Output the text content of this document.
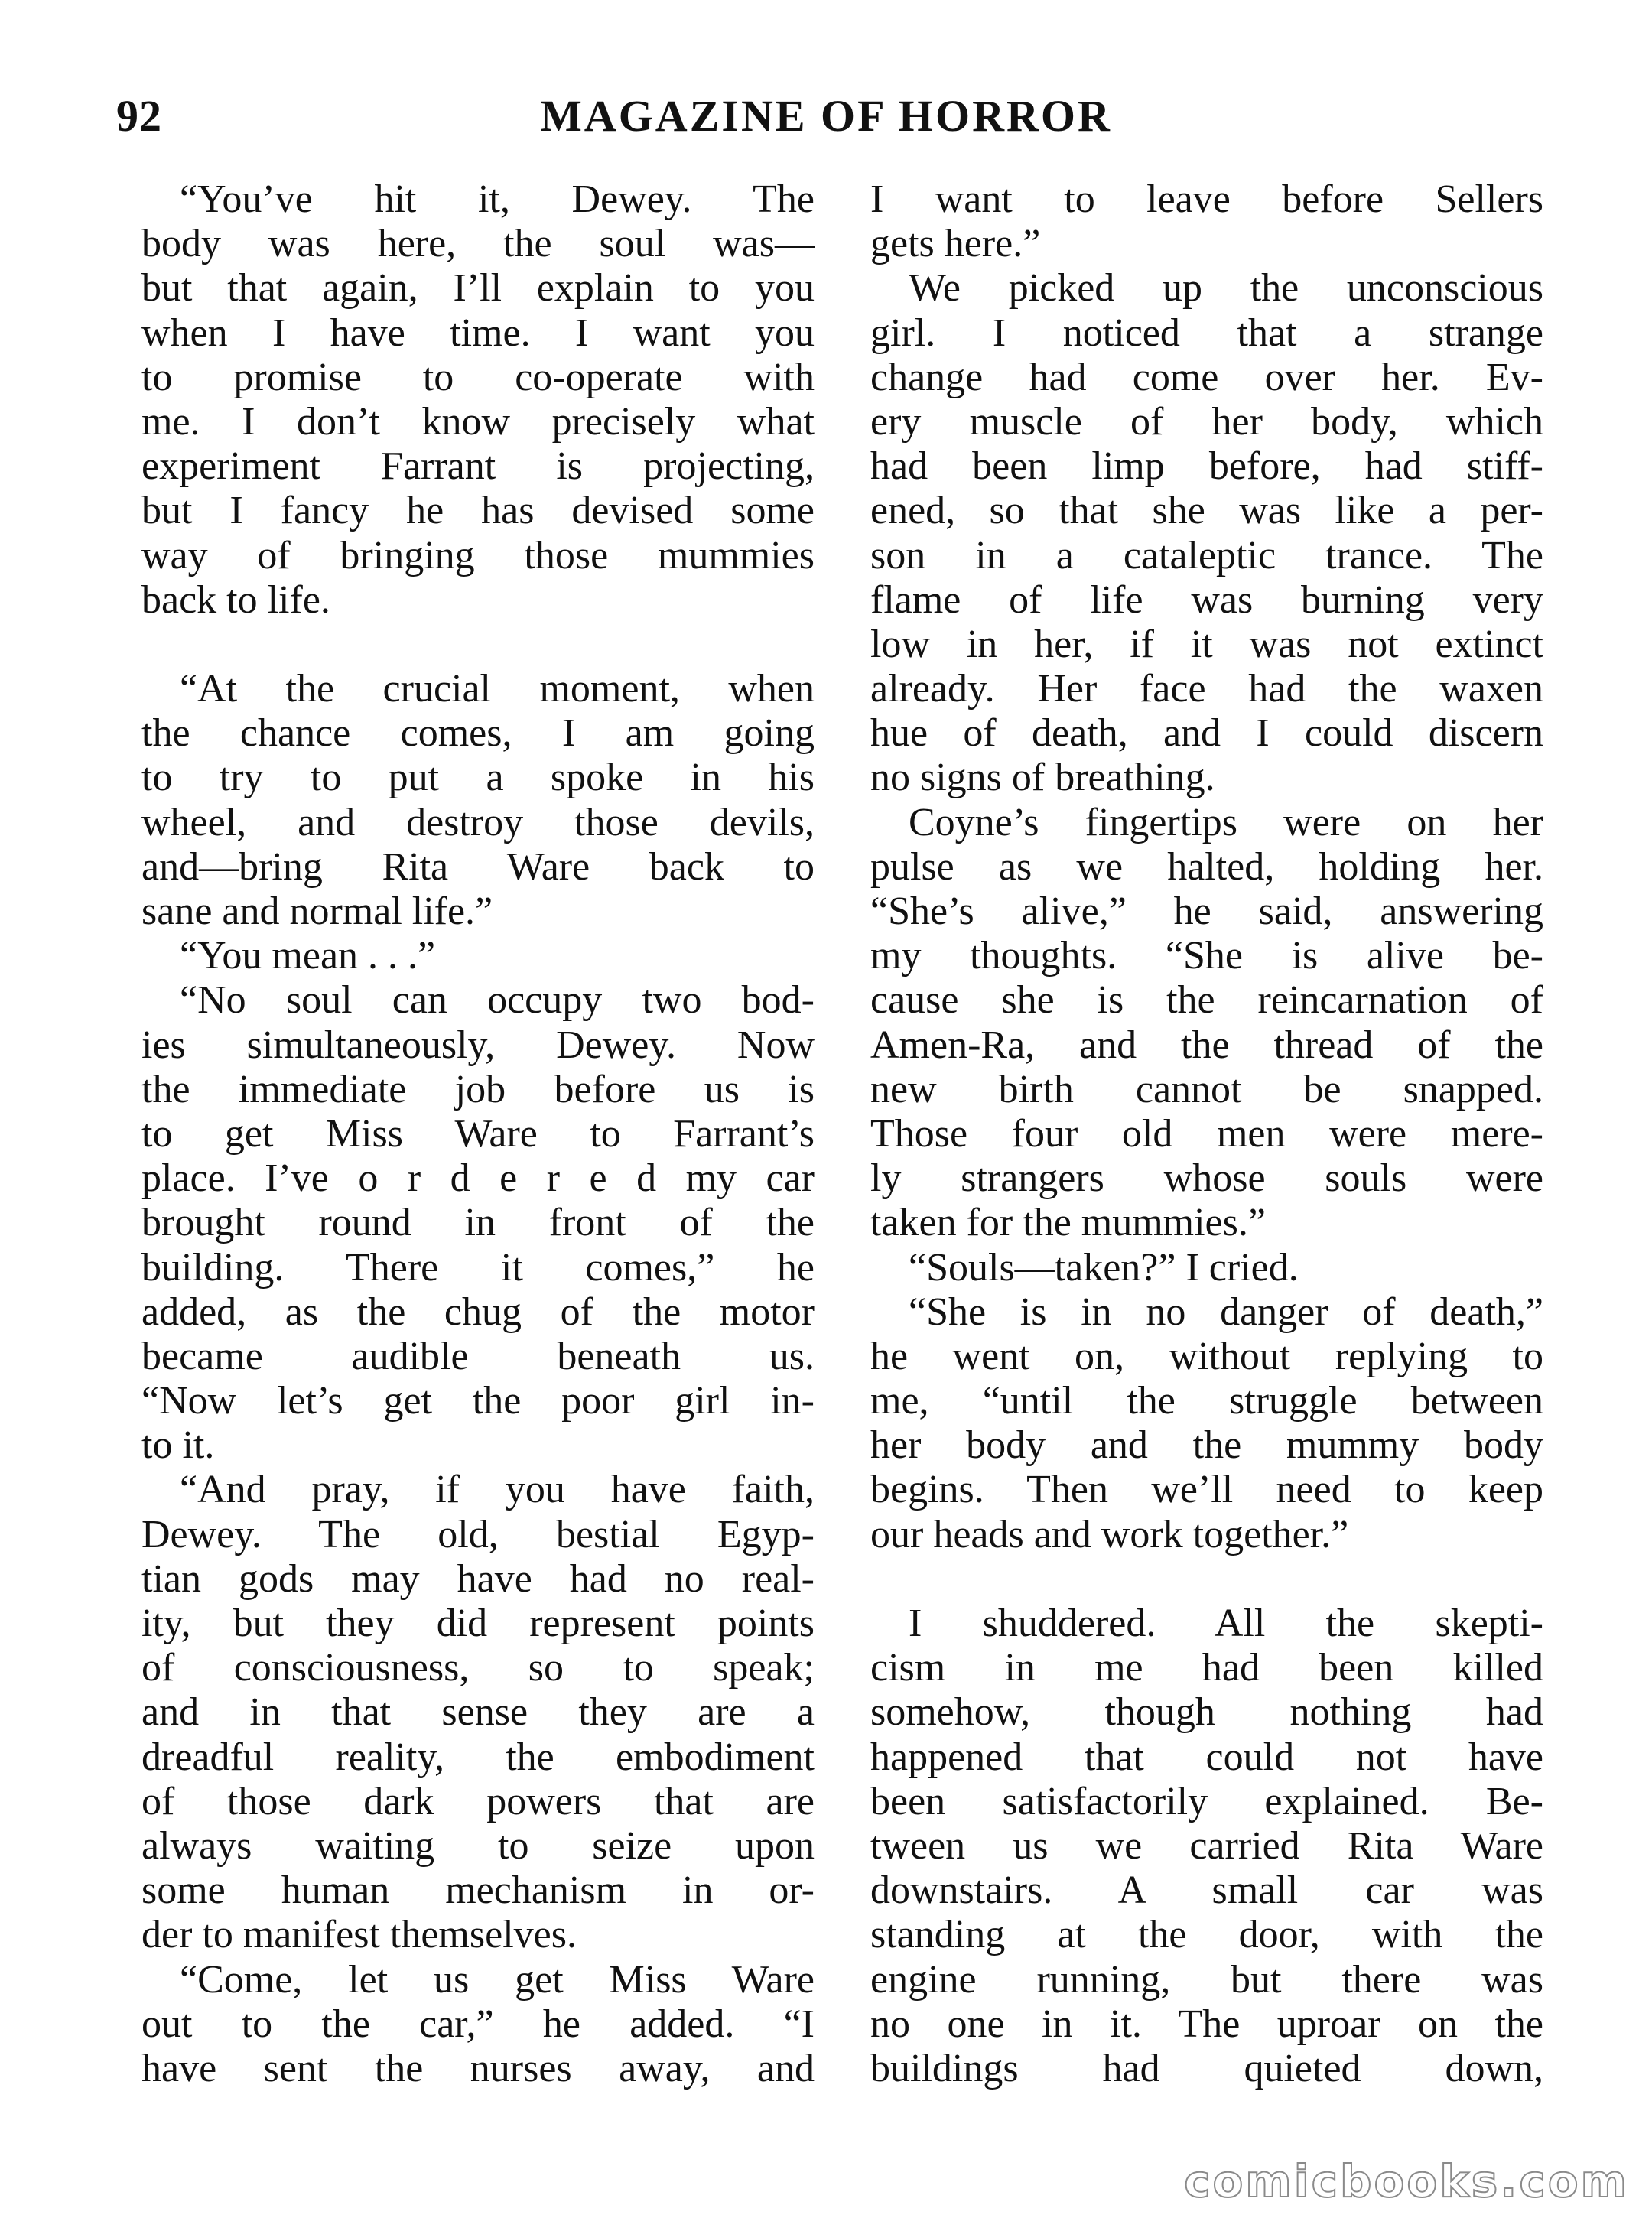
92	MAGAZINE OF HORROR
“You’ve hit it, Dewey. The
body was here, the soul was—
but that again, I’ll explain to you
when I have time. I want you
to promise to co-operate with
me. I don’t know precisely what
experiment Farrant is projecting,
but I fancy he has devised some
way of bringing those mummies
back to life.
“At the crucial moment, when
the chance comes, I am going
to try to put a spoke in his
wheel, and destroy those devils,
and—bring Rita Ware back to
sane and normal life.”
“You mean . . .”
“No soul can occupy two bod-
ies simultaneously, Dewey. Now
the immediate job before us is
to get Miss Ware to Farrant’s
place. I’ve o r d e r e d my car
brought round in front of the
building. There it comes,” he
added, as the chug of the motor
became audible beneath us.
“Now let’s get the poor girl in-
to it.
“And pray, if you have faith,
Dewey. The old, bestial Egyp-
tian gods may have had no real-
ity, but they did represent points
of consciousness, so to speak;
and in that sense they are a
dreadful reality, the embodiment
of those dark powers that are
always waiting to seize upon
some human mechanism in or-
der to manifest themselves.
“Come, let us get Miss Ware
out to the car,” he added. “I
have sent the nurses away, and
I want to leave before Sellers
gets here.”
We picked up the unconscious
girl. I noticed that a strange
change had come over her. Ev-
ery muscle of her body, which
had been limp before, had stiff-
ened, so that she was like a per-
son in a cataleptic trance. The
flame of life was burning very
low in her, if it was not extinct
already. Her face had the waxen
hue of death, and I could discern
no signs of breathing.
Coyne’s fingertips were on her
pulse as we halted, holding her.
“She’s alive,” he said, answering
my thoughts. “She is alive be-
cause she is the reincarnation of
Amen-Ra, and the thread of the
new birth cannot be snapped.
Those four old men were mere-
ly strangers whose souls were
taken for the mummies.”
“Souls—taken?” I cried.
“She is in no danger of death,”
he went on, without replying to
me, “until the struggle between
her body and the mummy body
begins. Then we’ll need to keep
our heads and work together.”
I shuddered. All the skepti-
cism in me had been killed
somehow, though nothing had
happened that could not have
been satisfactorily explained. Be-
tween us we carried Rita Ware
downstairs. A small car was
standing at the door, with the
engine running, but there was
no one in it. The uproar on the
buildings had quieted down,
comicbooks.com
